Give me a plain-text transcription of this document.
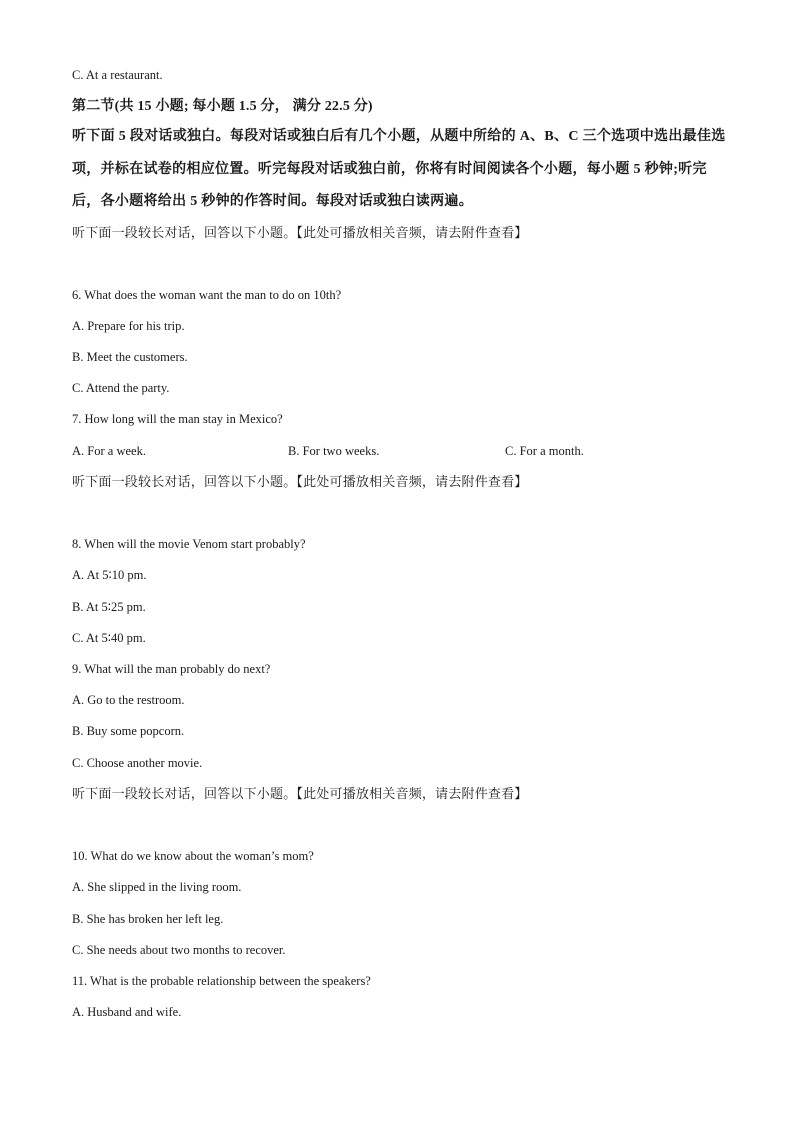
C. At a restaurant.
第二节(共 15 小题; 每小题 1.5 分， 满分 22.5 分)
听下面 5 段对话或独白。每段对话或独白后有几个小题，从题中所给的 A、B、C 三个选项中选出最佳选项，并标在试卷的相应位置。听完每段对话或独白前，你将有时间阅读各个小题，每小题 5 秒钟;听完后，各小题将给出 5 秒钟的作答时间。每段对话或独白读两遍。
听下面一段较长对话，回答以下小题。【此处可播放相关音频，请去附件查看】
6. What does the woman want the man to do on 10th?
A. Prepare for his trip.
B. Meet the customers.
C. Attend the party.
7. How long will the man stay in Mexico?
A. For a week.	B. For two weeks.	C. For a month.
听下面一段较长对话，回答以下小题。【此处可播放相关音频，请去附件查看】
8. When will the movie Venom start probably?
A. At 5∶10 pm.
B. At 5∶25 pm.
C. At 5∶40 pm.
9. What will the man probably do next?
A. Go to the restroom.
B. Buy some popcorn.
C. Choose another movie.
听下面一段较长对话，回答以下小题。【此处可播放相关音频，请去附件查看】
10. What do we know about the woman’s mom?
A. She slipped in the living room.
B. She has broken her left leg.
C. She needs about two months to recover.
11. What is the probable relationship between the speakers?
A. Husband and wife.
